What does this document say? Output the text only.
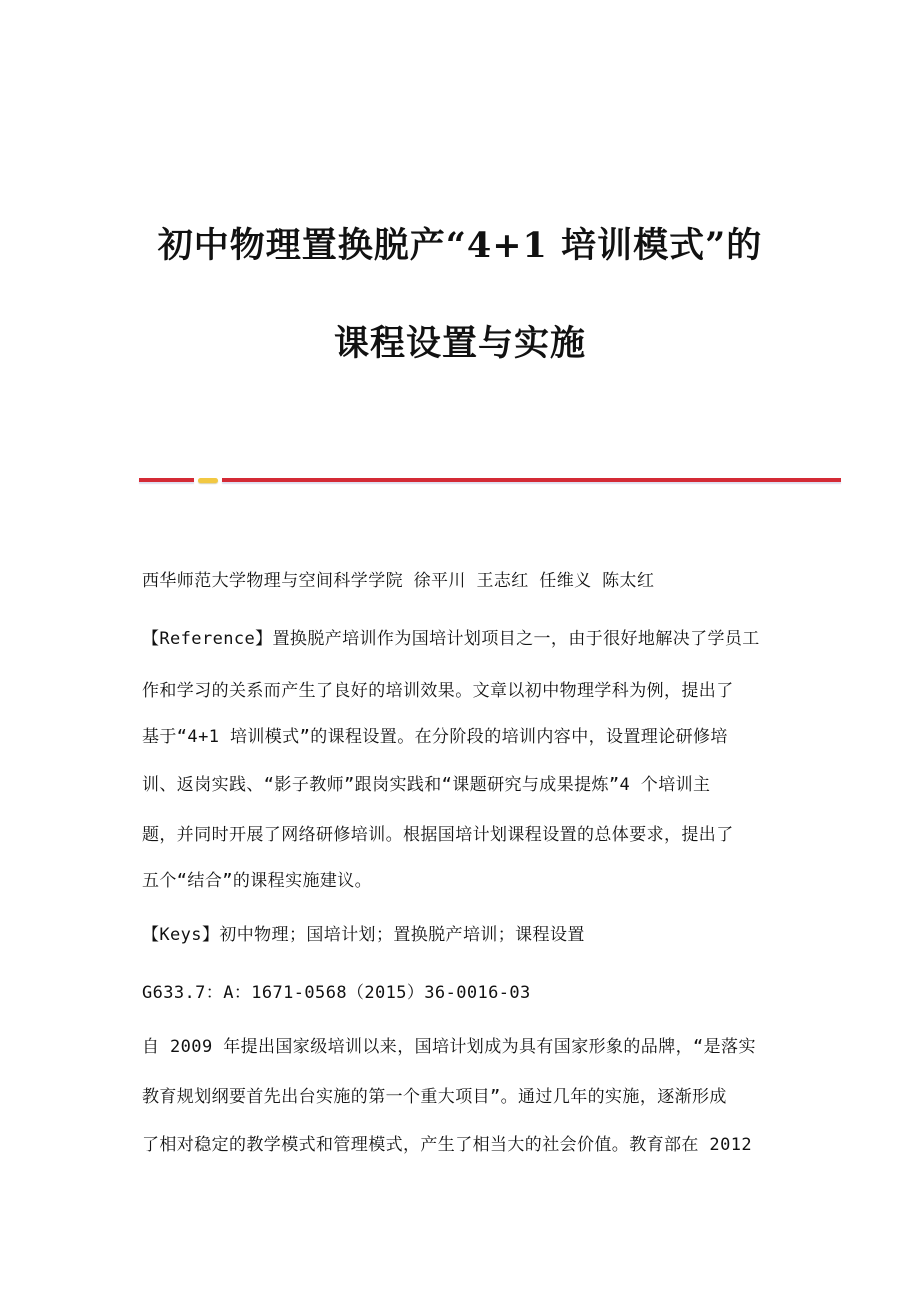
初中物理置换脱产“4+1 培训模式”的
课程设置与实施
西华师范大学物理与空间科学学院 徐平川 王志红 任维义 陈太红
【Reference】置换脱产培训作为国培计划项目之一，由于很好地解决了学员工
作和学习的关系而产生了良好的培训效果。文章以初中物理学科为例，提出了
基于“4+1 培训模式”的课程设置。在分阶段的培训内容中，设置理论研修培
训、返岗实践、“影子教师”跟岗实践和“课题研究与成果提炼”4 个培训主
题，并同时开展了网络研修培训。根据国培计划课程设置的总体要求，提出了
五个“结合”的课程实施建议。
【Keys】初中物理；国培计划；置换脱产培训；课程设置
G633.7：A：1671-0568（2015）36-0016-03
自 2009 年提出国家级培训以来，国培计划成为具有国家形象的品牌，“是落实
教育规划纲要首先出台实施的第一个重大项目”。通过几年的实施，逐渐形成
了相对稳定的教学模式和管理模式，产生了相当大的社会价值。教育部在 2012
